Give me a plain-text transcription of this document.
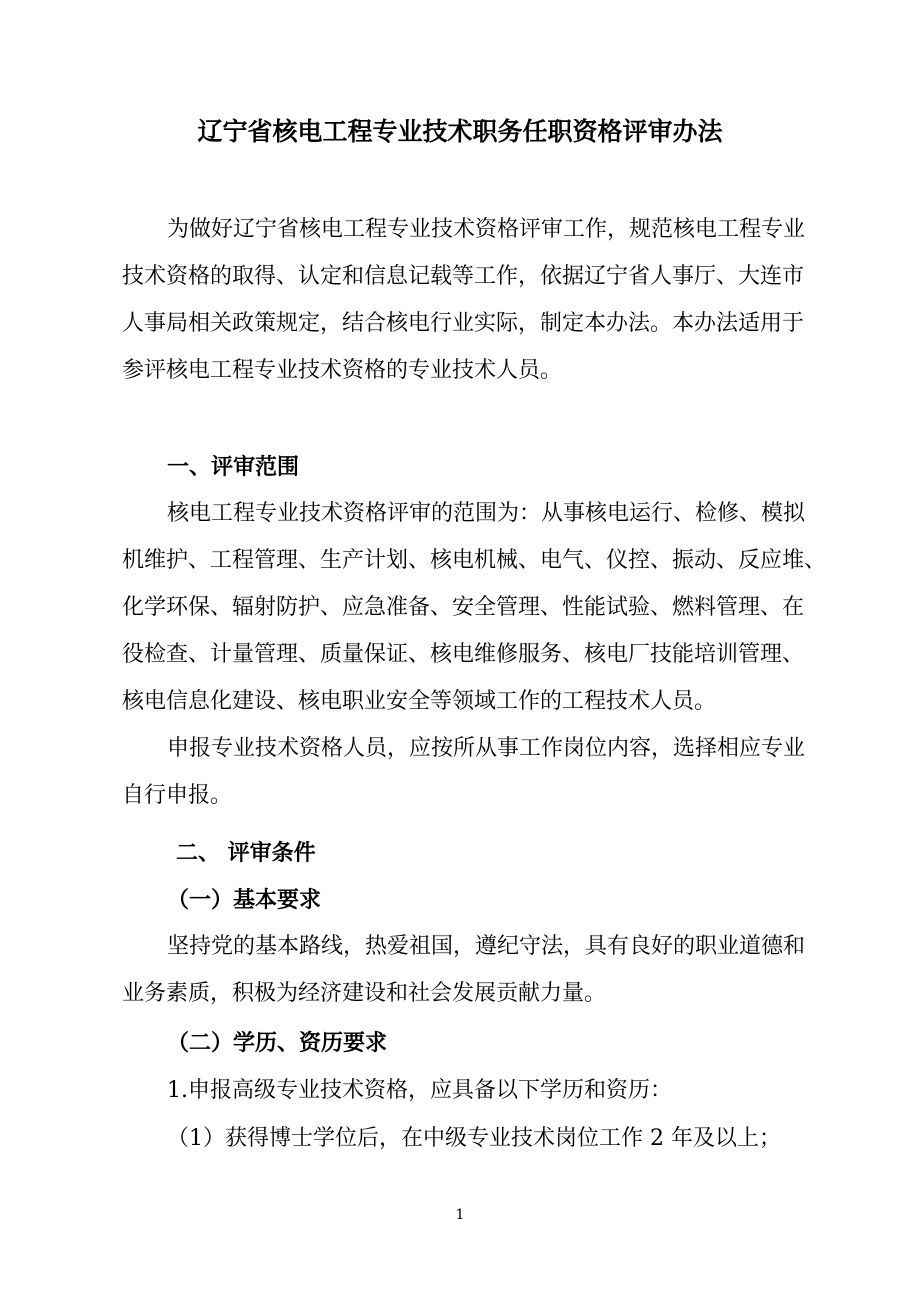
辽宁省核电工程专业技术职务任职资格评审办法
为做好辽宁省核电工程专业技术资格评审工作，规范核电工程专业
技术资格的取得、认定和信息记载等工作，依据辽宁省人事厅、大连市
人事局相关政策规定，结合核电行业实际，制定本办法。本办法适用于
参评核电工程专业技术资格的专业技术人员。
一、评审范围
核电工程专业技术资格评审的范围为：从事核电运行、检修、模拟
机维护、工程管理、生产计划、核电机械、电气、仪控、振动、反应堆、
化学环保、辐射防护、应急准备、安全管理、性能试验、燃料管理、在
役检查、计量管理、质量保证、核电维修服务、核电厂技能培训管理、
核电信息化建设、核电职业安全等领域工作的工程技术人员。
申报专业技术资格人员，应按所从事工作岗位内容，选择相应专业
自行申报。
二、 评审条件
（一）基本要求
坚持党的基本路线，热爱祖国，遵纪守法，具有良好的职业道德和
业务素质，积极为经济建设和社会发展贡献力量。
（二）学历、资历要求
1.申报高级专业技术资格，应具备以下学历和资历：
（1）获得博士学位后，在中级专业技术岗位工作 2 年及以上；
1
